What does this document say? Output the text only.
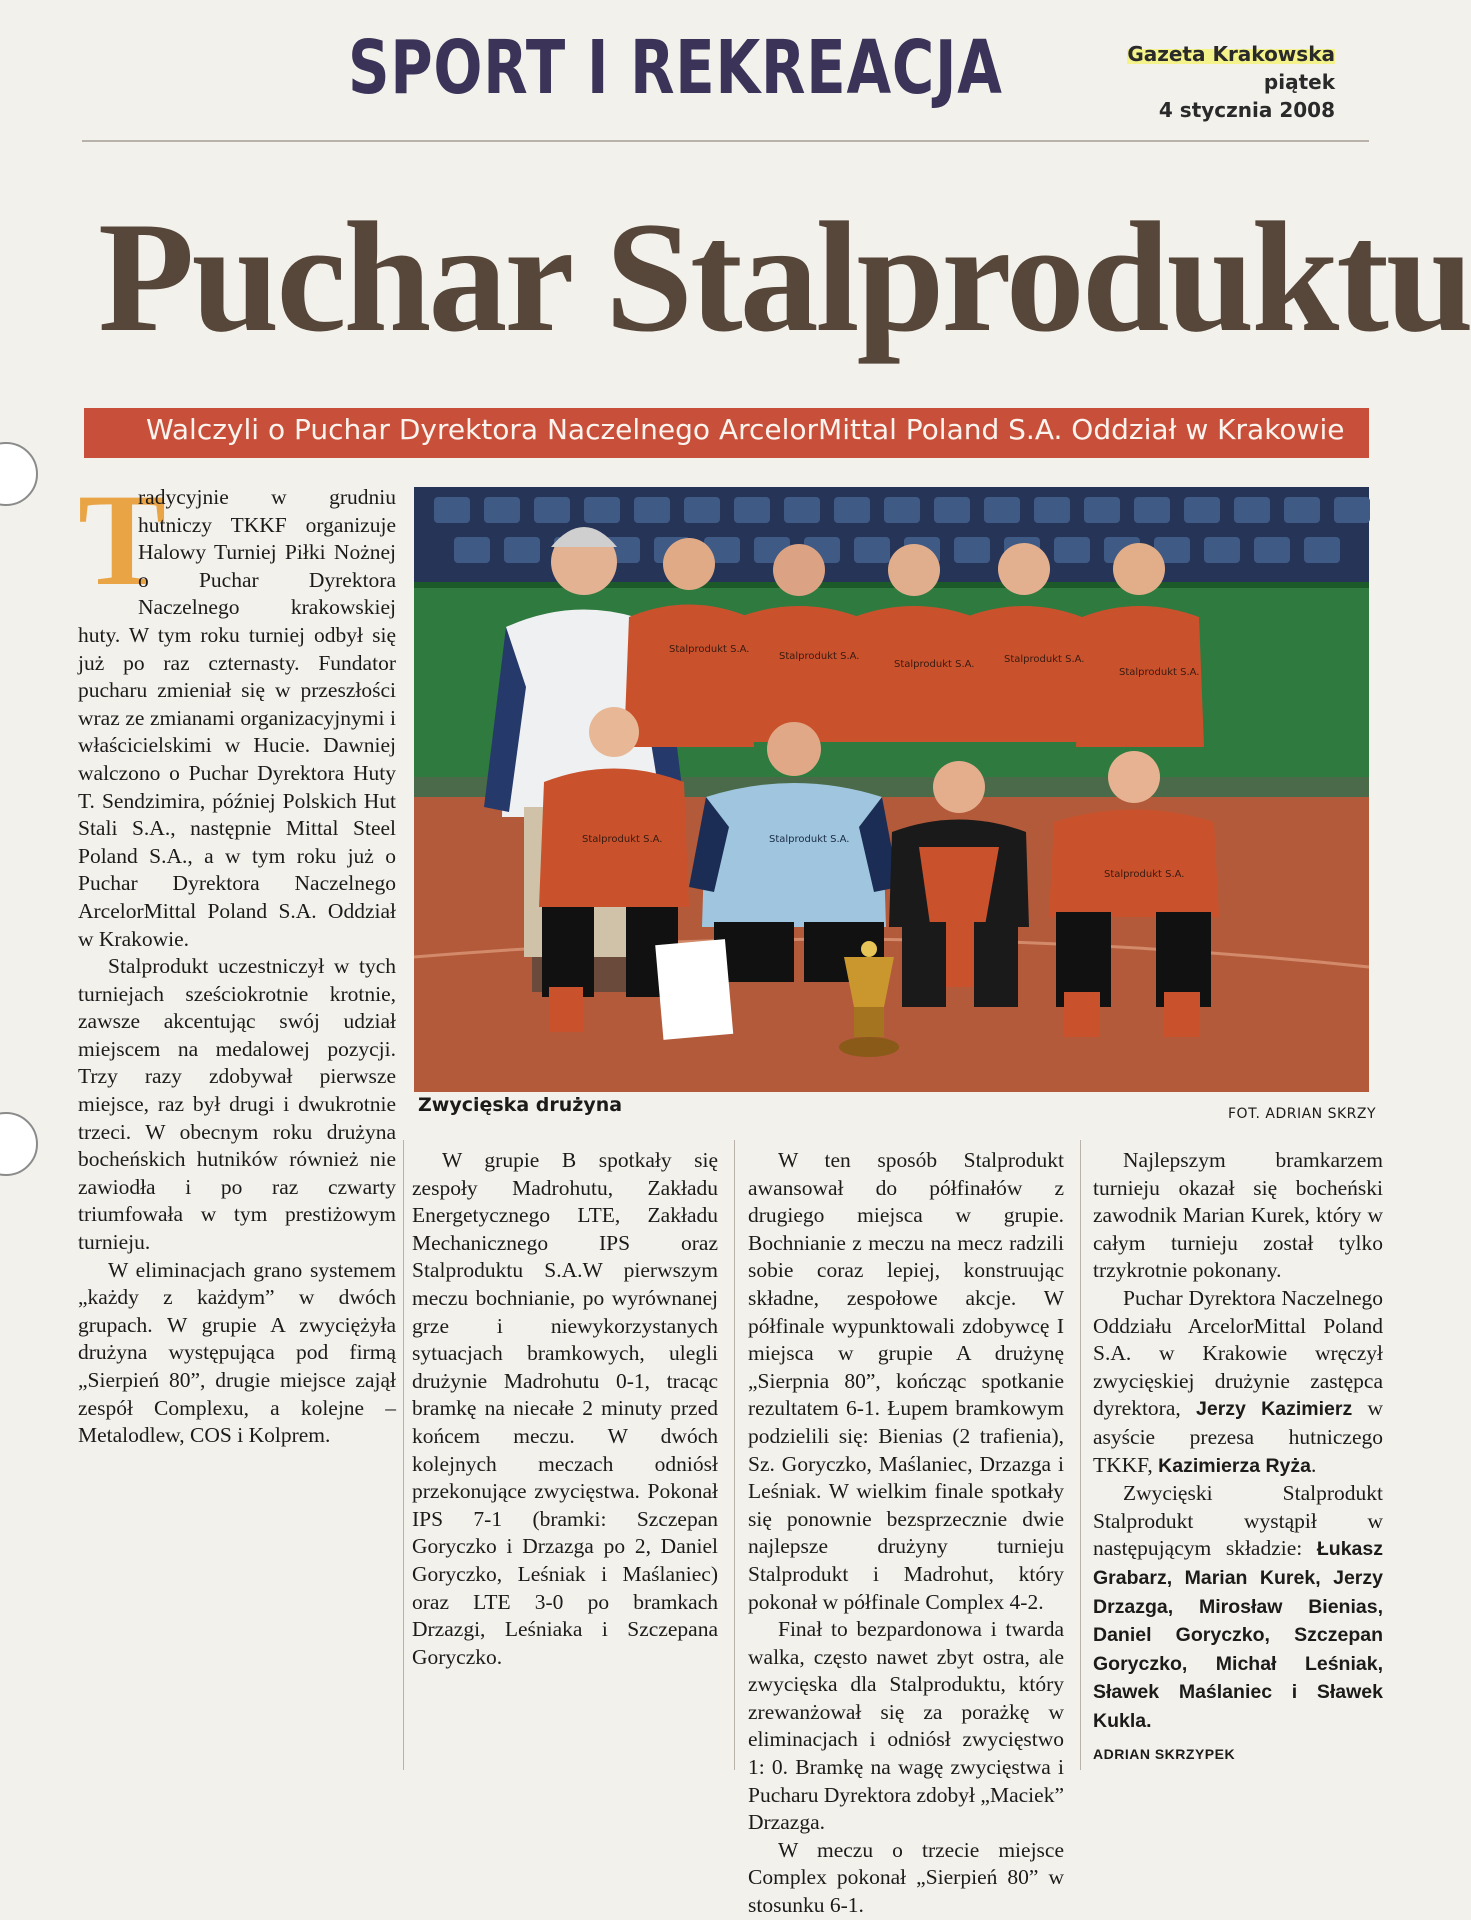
SPORT I REKREACJA	Gazeta Krakowska
piątek
4 stycznia 2008
Puchar Stalproduktu
Walczyli o Puchar Dyrektora Naczelnego ArcelorMittal Poland S.A. Oddział w Krakowie
Stalprodukt S.A.
Stalprodukt S.A.
Stalprodukt S.A.	Stalprodukt S.A.
Stalprodukt S.A.
Stalprodukt S.A.	Stalprodukt S.A.
Stalprodukt S.A.
Zwycięska drużyna	FOT. ADRIAN SKRZY

T
radycyjnie w grudniu hutniczy TKKF organizuje Halowy Turniej Piłki Nożnej o Puchar Dyrektora Naczelnego krakowskiej huty. W tym roku turniej odbył się już po raz czternasty. Fundator pucharu zmieniał się w przeszłości wraz ze zmianami organizacyjnymi i właścicielskimi w Hucie. Dawniej walczono o Puchar Dyrektora Huty T. Sendzimira, później Polskich Hut Stali S.A., następnie Mittal Steel Poland S.A., a w tym roku już o Puchar Dyrektora Naczelnego ArcelorMittal Poland S.A. Oddział w Krakowie.

Stalprodukt uczestniczył w tych turniejach sześciokrotnie krotnie, zawsze akcentując swój udział miejscem na medalowej pozycji. Trzy razy zdobywał pierwsze miejsce, raz był drugi i dwukrotnie trzeci. W obecnym roku drużyna bocheńskich hutników również nie zawiodła i po raz czwarty triumfowała w tym prestiżowym turnieju.

W eliminacjach grano systemem „każdy z każdym” w dwóch grupach. W grupie A zwyciężyła drużyna występująca pod firmą „Sierpień 80”, drugie miejsce zajął zespół Complexu, a kolejne –Metalodlew, COS i Kolprem.

W grupie B spotkały się zespoły Madrohutu, Zakładu Energetycznego LTE, Zakładu Mechanicznego IPS oraz Stalproduktu S.A.W pierwszym meczu bochnianie, po wyrównanej grze i niewykorzystanych sytuacjach bramkowych, ulegli drużynie Madrohutu 0-1, tracąc bramkę na niecałe 2 minuty przed końcem meczu. W dwóch kolejnych meczach odniósł przekonujące zwycięstwa. Pokonał IPS 7-1 (bramki: Szczepan Goryczko i Drzazga po 2, Daniel Goryczko, Leśniak i Maślaniec) oraz LTE 3-0 po bramkach Drzazgi, Leśniaka i Szczepana Goryczko.

W ten sposób Stalprodukt awansował do półfinałów z drugiego miejsca w grupie. Bochnianie z meczu na mecz radzili sobie coraz lepiej, konstruując składne, zespołowe akcje. W półfinale wypunktowali zdobywcę I miejsca w grupie A drużynę „Sierpnia 80”, kończąc spotkanie rezultatem 6-1. Łupem bramkowym podzielili się: Bienias (2 trafienia), Sz. Goryczko, Maślaniec, Drzazga i Leśniak. W wielkim finale spotkały się ponownie bezsprzecznie dwie najlepsze drużyny turnieju Stalprodukt i Madrohut, który pokonał w półfinale Complex 4-2.

Finał to bezpardonowa i twarda walka, często nawet zbyt ostra, ale zwycięska dla Stalproduktu, który zrewanżował się za porażkę w eliminacjach i odniósł zwycięstwo 1: 0. Bramkę na wagę zwycięstwa i Pucharu Dyrektora zdobył „Maciek” Drzazga.

W meczu o trzecie miejsce Complex pokonał „Sierpień 80” w stosunku 6-1.

Najlepszym bramkarzem turnieju okazał się bocheński zawodnik Marian Kurek, który w całym turnieju został tylko trzykrotnie pokonany.

Puchar Dyrektora Naczelnego Oddziału ArcelorMittal Poland S.A. w Krakowie wręczył zwycięskiej drużynie zastępca dyrektora, Jerzy Kazimierz w asyście prezesa hutniczego TKKF, Kazimierza Ryża.

Zwycięski Stalprodukt Stalprodukt wystąpił w następującym składzie: Łukasz Grabarz, Marian Kurek, Jerzy Drzazga, Mirosław Bienias, Daniel Goryczko, Szczepan Goryczko, Michał Leśniak, Sławek Maślaniec i Sławek Kukla.

ADRIAN SKRZYPEK
